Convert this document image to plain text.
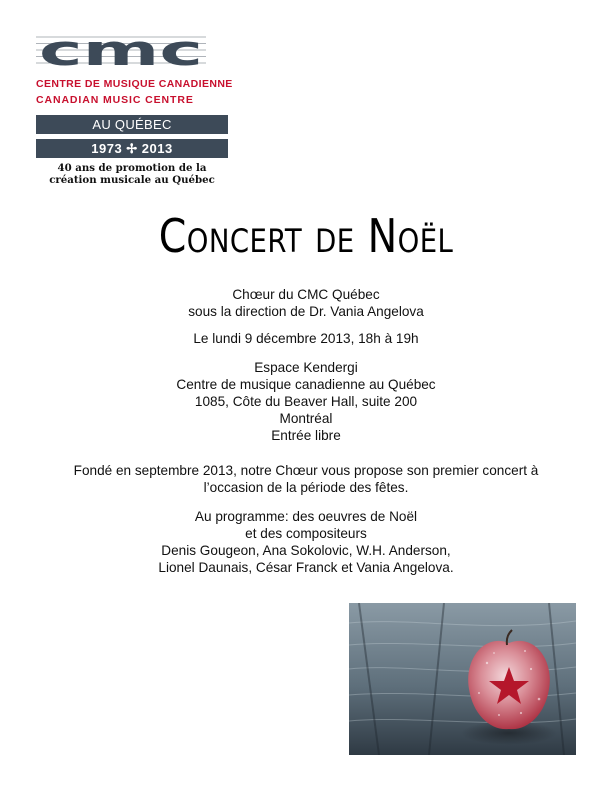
cmc
CENTRE DE MUSIQUE CANADIENNE
CANADIAN MUSIC CENTRE
AU QUÉBEC
1973 ✢ 2013
40 ans de promotion de la
création musicale au Québec
Concert de Noël

Chœur du CMC Québec

sous la direction de Dr. Vania Angelova

Le lundi 9 décembre 2013, 18h à 19h

Espace Kendergi

Centre de musique canadienne au Québec

1085, Côte du Beaver Hall, suite 200

Montréal

Entrée libre

Fondé en septembre 2013, notre Chœur vous propose son premier concert à

l’occasion de la période des fêtes.

Au programme: des oeuvres de Noël

et des compositeurs

Denis Gougeon, Ana Sokolovic, W.H. Anderson,

Lionel Daunais, César Franck et Vania Angelova.
